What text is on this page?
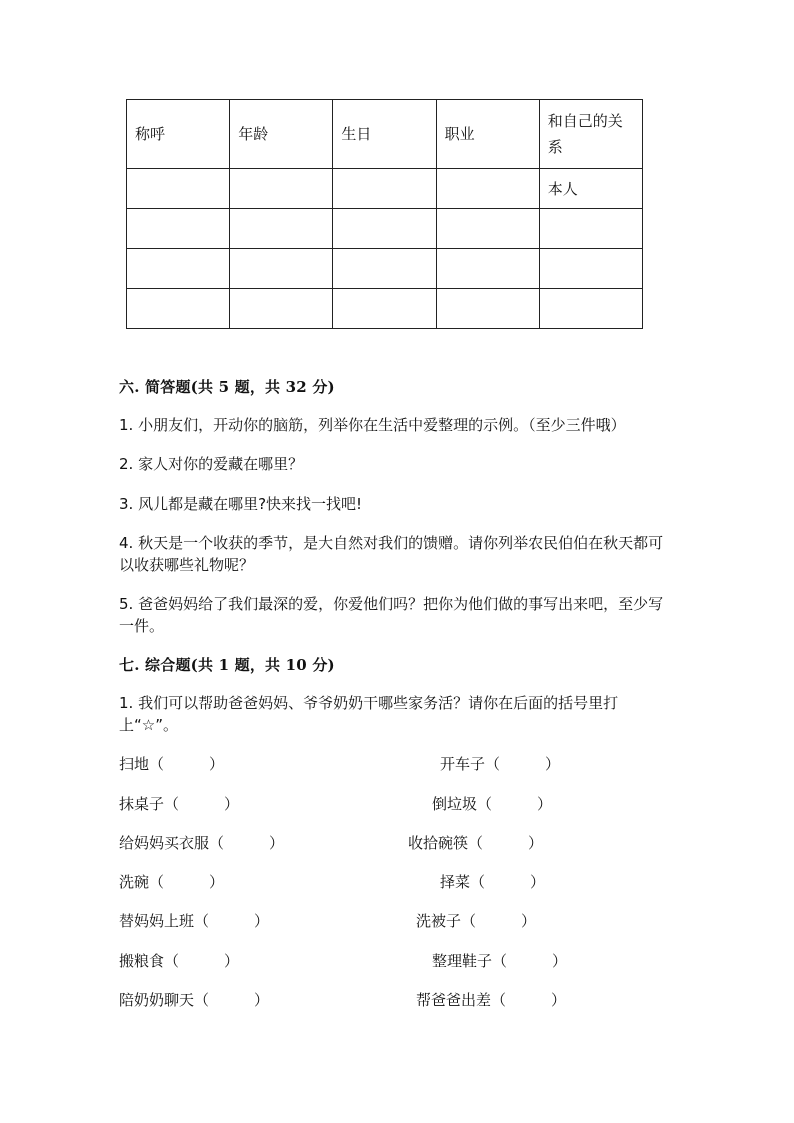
称呼	年龄	生日	职业	和自己的关系
				本人

六. 简答题(共 5 题，共 32 分)

1. 小朋友们，开动你的脑筋，列举你在生活中爱整理的示例。（至少三件哦）

2. 家人对你的爱藏在哪里？

3. 风儿都是藏在哪里?快来找一找吧!

4. 秋天是一个收获的季节，是大自然对我们的馈赠。请你列举农民伯伯在秋天都可以收获哪些礼物呢？

5. 爸爸妈妈给了我们最深的爱，你爱他们吗？把你为他们做的事写出来吧，至少写一件。

七. 综合题(共 1 题，共 10 分)

1. 我们可以帮助爸爸妈妈、爷爷奶奶干哪些家务活？请你在后面的括号里打上“☆”。

扫地（　　　）	开车子（　　　）
抹桌子（　　　）	倒垃圾（　　　）
给妈妈买衣服（　　　）	收拾碗筷（　　　）
洗碗（　　　）	择菜（　　　）
替妈妈上班（　　　）	洗被子（　　　）
搬粮食（　　　）	整理鞋子（　　　）
陪奶奶聊天（　　　）	帮爸爸出差（　　　）
